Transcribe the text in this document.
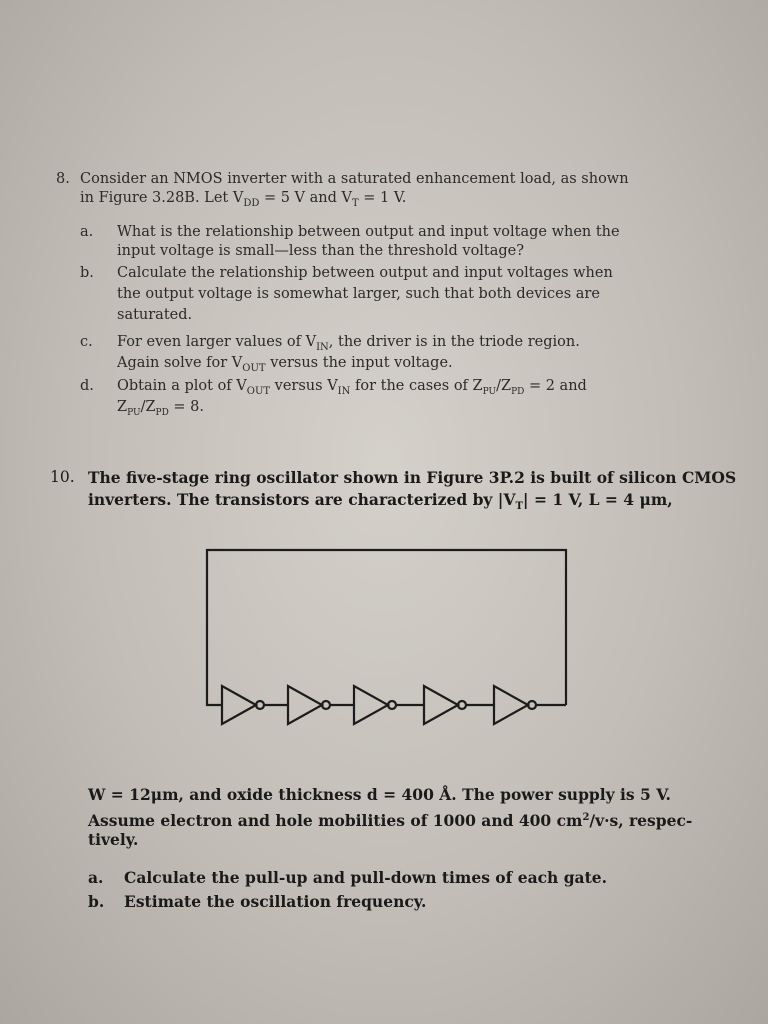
8. Consider an NMOS inverter with a saturated enhancement load, as shown
in Figure 3.28B. Let $V_{DD} = 5$ V and $V_T = 1$ V.
a. What is the relationship between output and input voltage when the
input voltage is small—less than the threshold voltage?
b. Calculate the relationship between output and input voltages when
the output voltage is somewhat larger, such that both devices are
saturated.
c. For even larger values of $V_{IN}$, the driver is in the triode region.
Again solve for $V_{OUT}$ versus the input voltage.
d. Obtain a plot of $V_{OUT}$ versus $V_{IN}$ for the cases of $Z_{PU}/Z_{PD} = 2$ and
$Z_{PU}/Z_{PD} = 8$.
10. The five-stage ring oscillator shown in Figure 3P.2 is built of silicon CMOS
inverters. The transistors are characterized by $|V_T| = 1$ V, L = 4 μm,
W = 12μm, and oxide thickness d = 400 Å. The power supply is 5 V.
Assume electron and hole mobilities of 1000 and 400 $cm^2/v\cdot s$, respec-
tively.
a. Calculate the pull-up and pull-down times of each gate.
b. Estimate the oscillation frequency.
